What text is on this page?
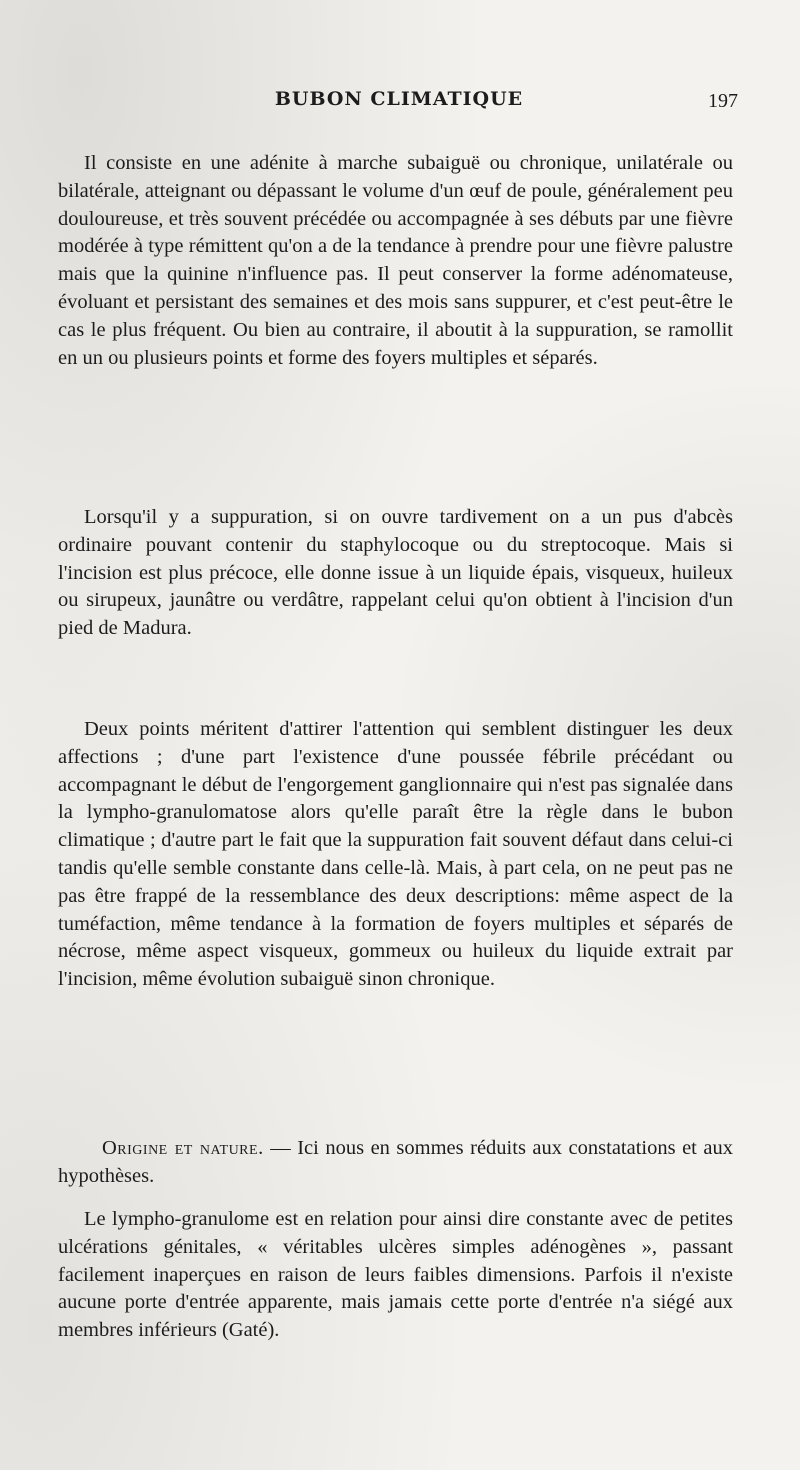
BUBON CLIMATIQUE	197

Il consiste en une adénite à marche subaiguë ou chronique, unilatérale ou bilatérale, atteignant ou dépassant le volume d'un œuf de poule, généralement peu douloureuse, et très souvent précédée ou accompagnée à ses débuts par une fièvre modérée à type rémittent qu'on a de la tendance à prendre pour une fièvre palustre mais que la quinine n'influence pas. Il peut conserver la forme adénomateuse, évoluant et persistant des semaines et des mois sans suppurer, et c'est peut-être le cas le plus fréquent. Ou bien au contraire, il aboutit à la suppuration, se ramollit en un ou plusieurs points et forme des foyers multiples et séparés.

Lorsqu'il y a suppuration, si on ouvre tardivement on a un pus d'abcès ordinaire pouvant contenir du staphylocoque ou du streptocoque. Mais si l'incision est plus précoce, elle donne issue à un liquide épais, visqueux, huileux ou sirupeux, jaunâtre ou verdâtre, rappelant celui qu'on obtient à l'incision d'un pied de Madura.

Deux points méritent d'attirer l'attention qui semblent distinguer les deux affections ; d'une part l'existence d'une poussée fébrile précédant ou accompagnant le début de l'engorgement ganglionnaire qui n'est pas signalée dans la lympho-granulomatose alors qu'elle paraît être la règle dans le bubon climatique ; d'autre part le fait que la suppuration fait souvent défaut dans celui-ci tandis qu'elle semble constante dans celle-là. Mais, à part cela, on ne peut pas ne pas être frappé de la ressemblance des deux descriptions: même aspect de la tuméfaction, même tendance à la formation de foyers multiples et séparés de nécrose, même aspect visqueux, gommeux ou huileux du liquide extrait par l'incision, même évolution subaiguë sinon chronique.

Origine et nature. — Ici nous en sommes réduits aux constatations et aux hypothèses.

Le lympho-granulome est en relation pour ainsi dire constante avec de petites ulcérations génitales, « véritables ulcères simples adénogènes », passant facilement inaperçues en raison de leurs faibles dimensions. Parfois il n'existe aucune porte d'entrée apparente, mais jamais cette porte d'entrée n'a siégé aux membres inférieurs (Gaté).
